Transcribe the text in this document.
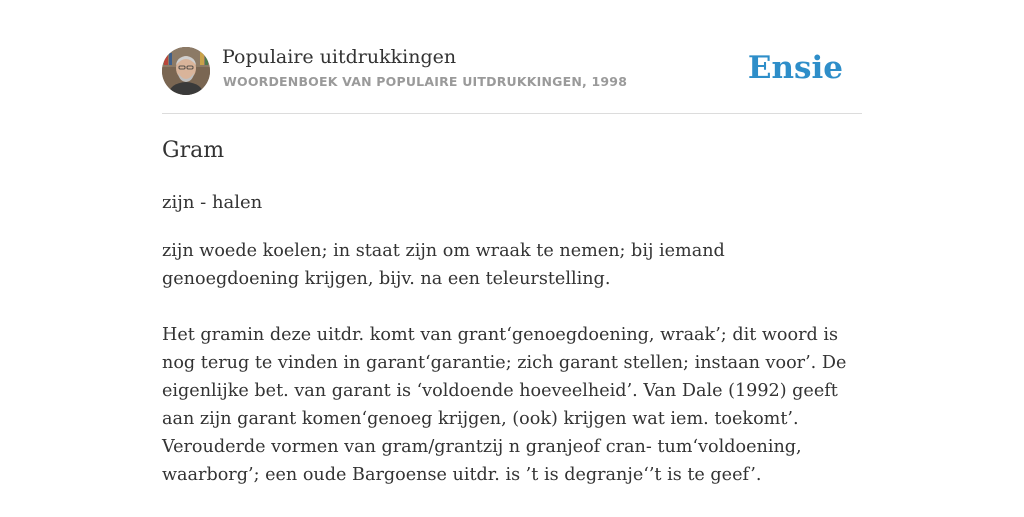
Populaire uitdrukkingen
WOORDENBOEK VAN POPULAIRE UITDRUKKINGEN, 1998	Ensie
Gram
zijn - halen

zijn woede koelen; in staat zijn om wraak te nemen; bij iemand genoegdoening krijgen, bijv. na een teleurstelling.

Het gramin deze uitdr. komt van grant‘genoegdoening, wraak’; dit woord is nog terug te vinden in garant‘garantie; zich garant stellen; instaan voor’. De eigenlijke bet. van garant is ‘voldoende hoeveelheid’. Van Dale (1992) geeft aan zijn garant komen‘genoeg krijgen, (ook) krijgen wat iem. toekomt’. Verouderde vormen van gram/grantzij n granjeof cran- tum‘voldoening, waarborg’; een oude Bargoense uitdr. is ’t is degranje‘’t is te geef’.
